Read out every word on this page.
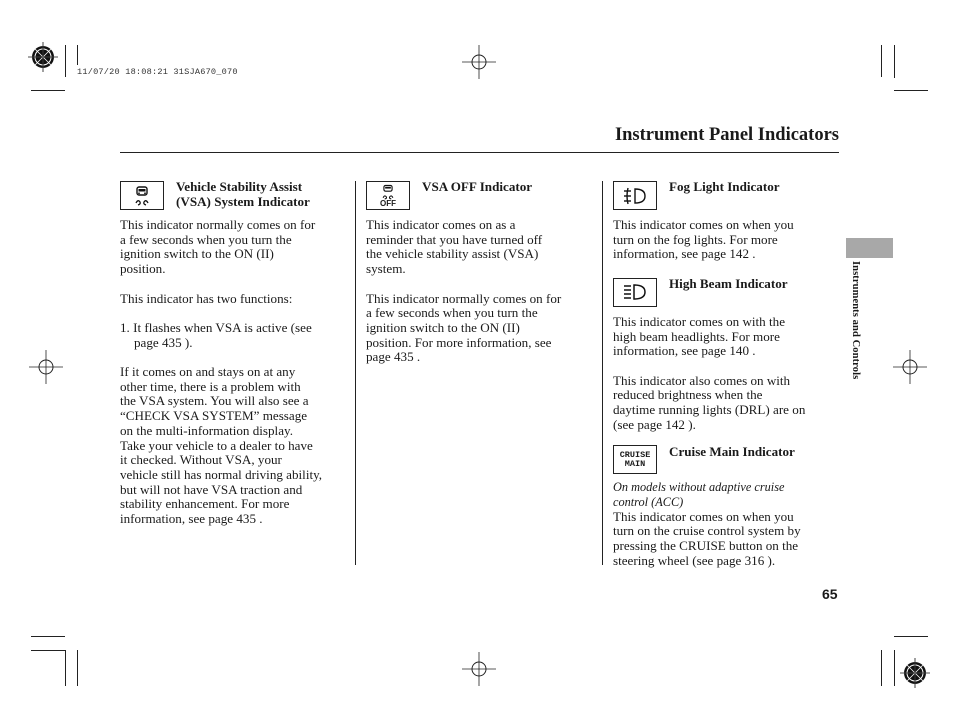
11/07/20 18:08:21 31SJA670_070
Instrument Panel Indicators
Instruments and Controls
Vehicle Stability Assist
(VSA) System Indicator

This indicator normally comes on for
a few seconds when you turn the
ignition switch to the ON (II)
position.

This indicator has two functions:

1. It flashes when VSA is active (see
page 435 ).

If it comes on and stays on at any
other time, there is a problem with
the VSA system. You will also see a
“CHECK VSA SYSTEM” message
on the multi-information display.
Take your vehicle to a dealer to have
it checked. Without VSA, your
vehicle still has normal driving ability,
but will not have VSA traction and
stability enhancement. For more
information, see page 435 .

OFF
VSA OFF Indicator

This indicator comes on as a
reminder that you have turned off
the vehicle stability assist (VSA)
system.

This indicator normally comes on for
a few seconds when you turn the
ignition switch to the ON (II)
position. For more information, see
page 435 .

Fog Light Indicator

This indicator comes on when you
turn on the fog lights. For more
information, see page 142 .

High Beam Indicator

This indicator comes on with the
high beam headlights. For more
information, see page 140 .

This indicator also comes on with
reduced brightness when the
daytime running lights (DRL) are on
(see page 142 ).

CRUISE
MAIN
Cruise Main Indicator

On models without adaptive cruise
control (ACC)

This indicator comes on when you
turn on the cruise control system by
pressing the CRUISE button on the
steering wheel (see page 316 ).

65
